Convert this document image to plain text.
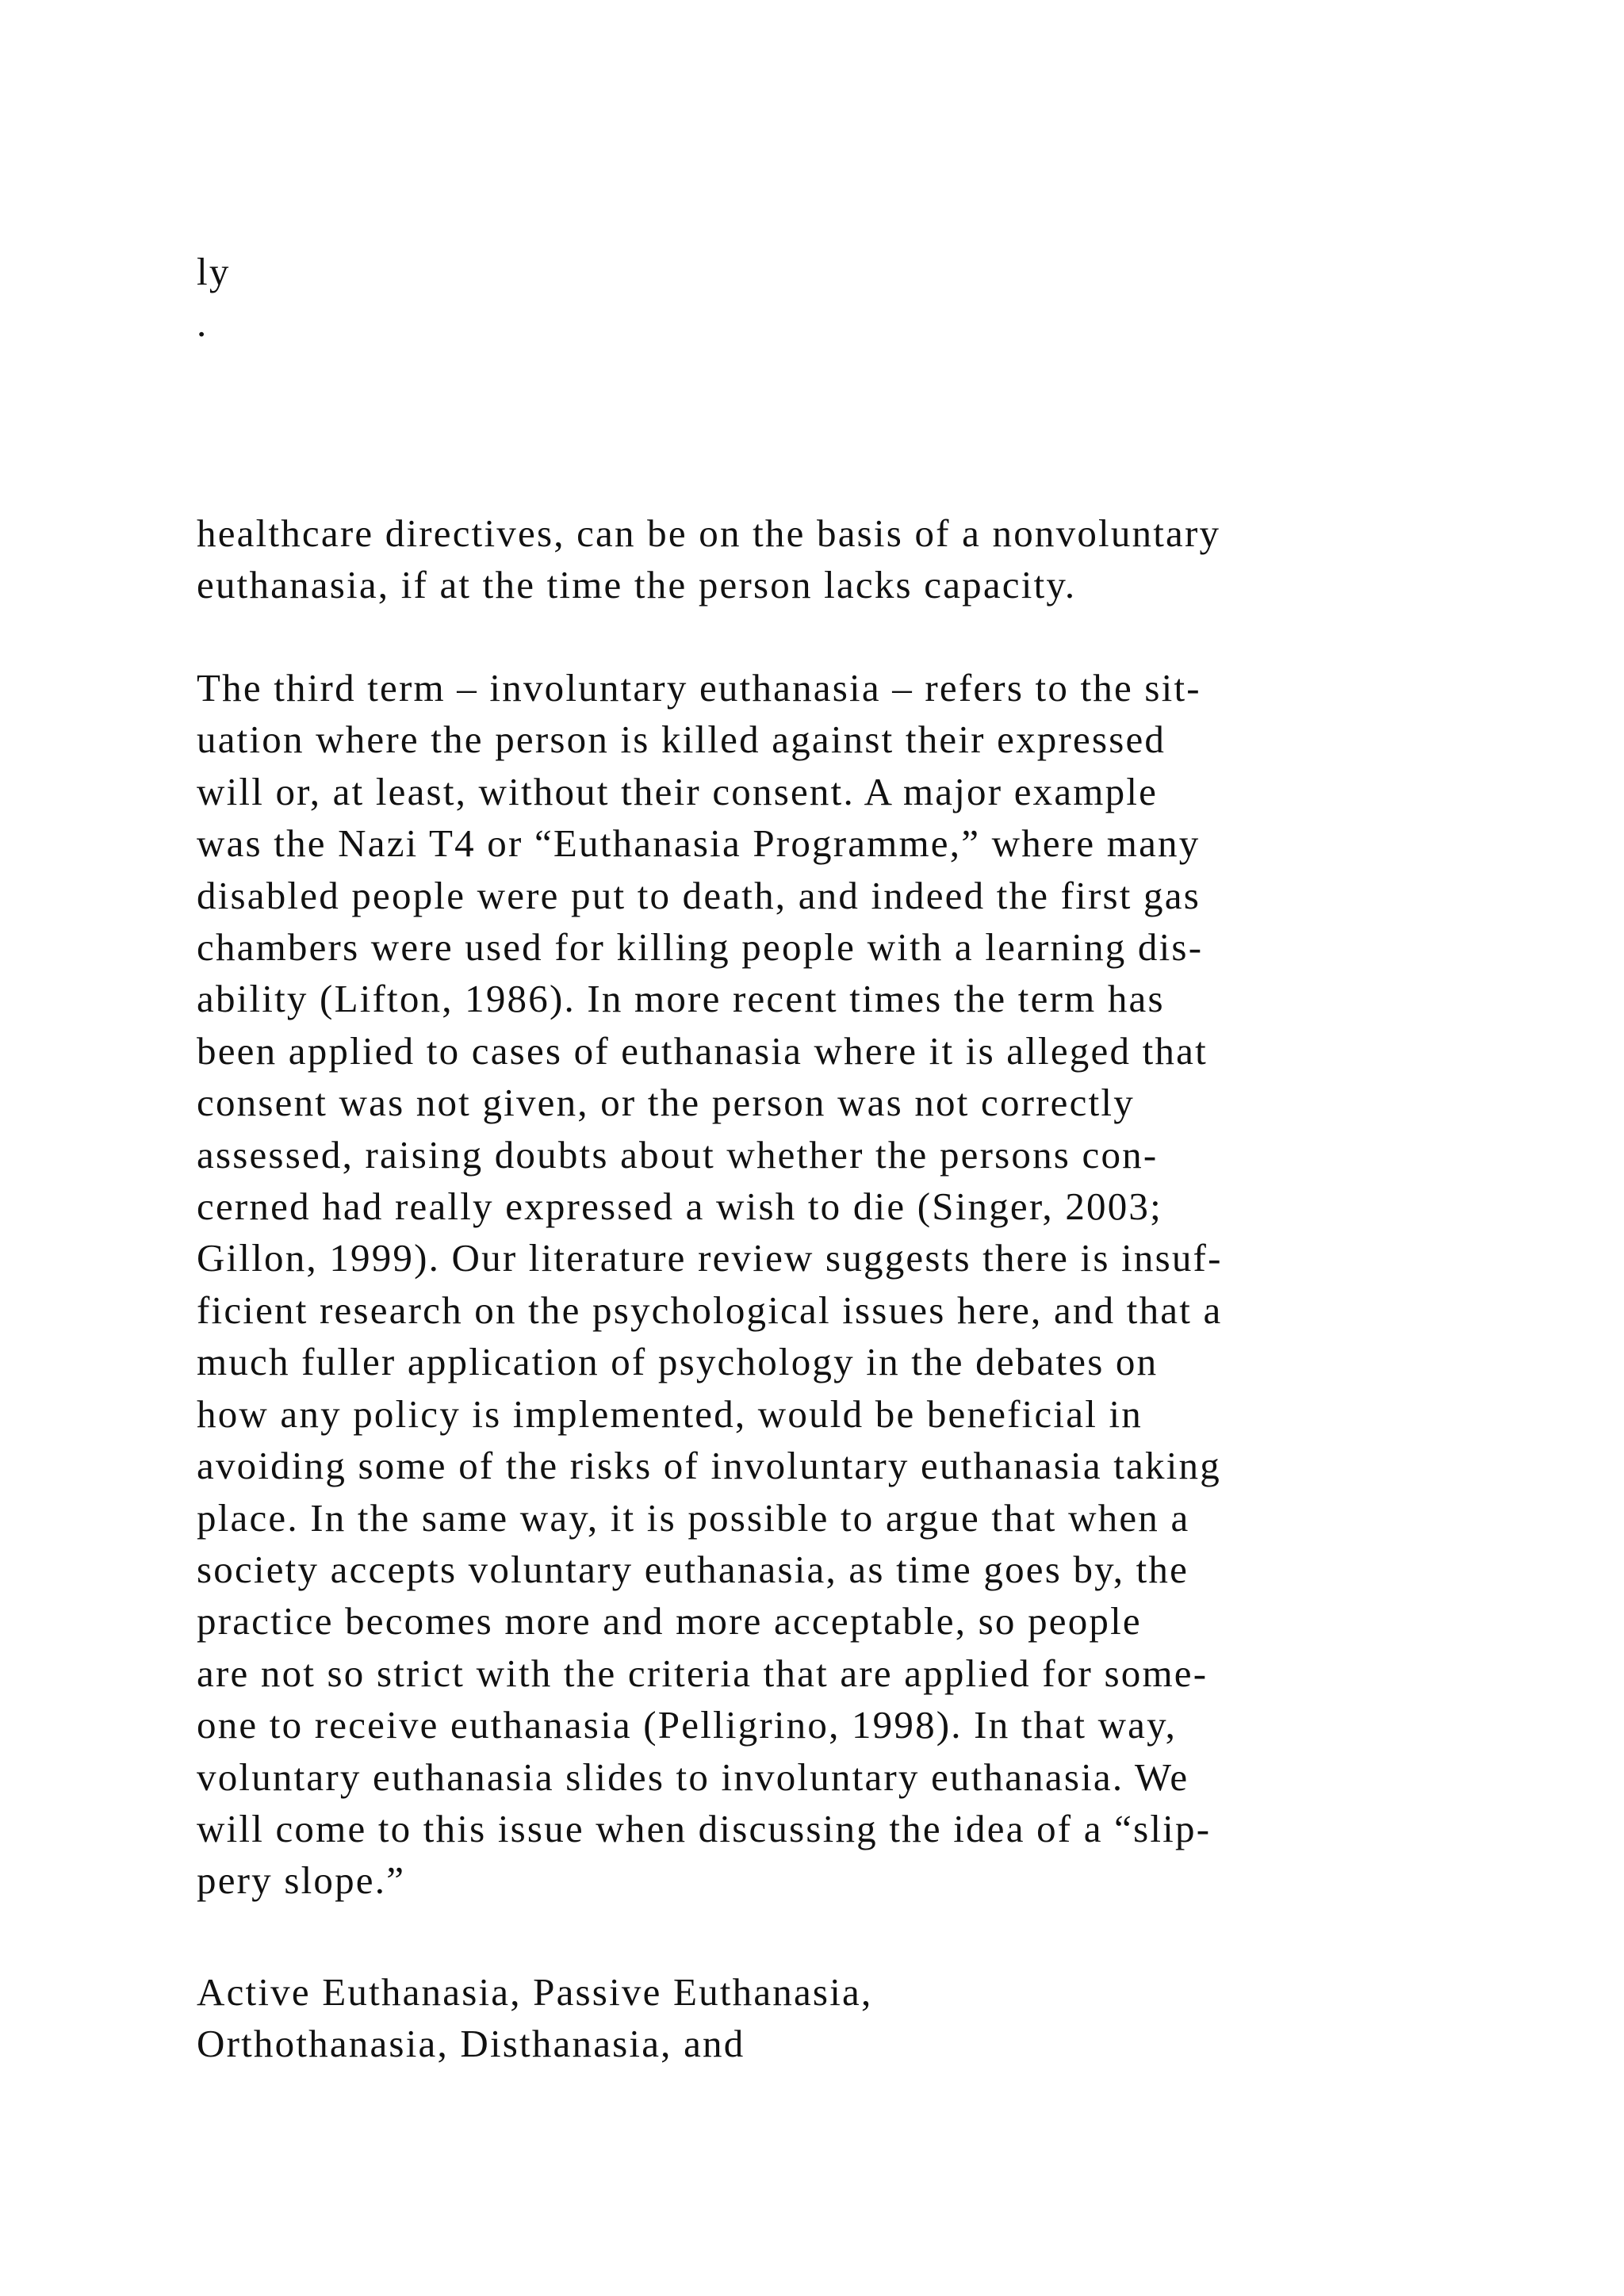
ly
.
healthcare directives, can be on the basis of a nonvoluntary
euthanasia, if at the time the person lacks capacity.
The third term – involuntary euthanasia – refers to the sit-
uation where the person is killed against their expressed
will or, at least, without their consent. A major example
was the Nazi T4 or “Euthanasia Programme,” where many
disabled people were put to death, and indeed the first gas
chambers were used for killing people with a learning dis-
ability (Lifton, 1986). In more recent times the term has
been applied to cases of euthanasia where it is alleged that
consent was not given, or the person was not correctly
assessed, raising doubts about whether the persons con-
cerned had really expressed a wish to die (Singer, 2003;
Gillon, 1999). Our literature review suggests there is insuf-
ficient research on the psychological issues here, and that a
much fuller application of psychology in the debates on
how any policy is implemented, would be beneficial in
avoiding some of the risks of involuntary euthanasia taking
place. In the same way, it is possible to argue that when a
society accepts voluntary euthanasia, as time goes by, the
practice becomes more and more acceptable, so people
are not so strict with the criteria that are applied for some-
one to receive euthanasia (Pelligrino, 1998). In that way,
voluntary euthanasia slides to involuntary euthanasia. We
will come to this issue when discussing the idea of a “slip-
pery slope.”
Active Euthanasia, Passive Euthanasia,
Orthothanasia, Disthanasia, and
